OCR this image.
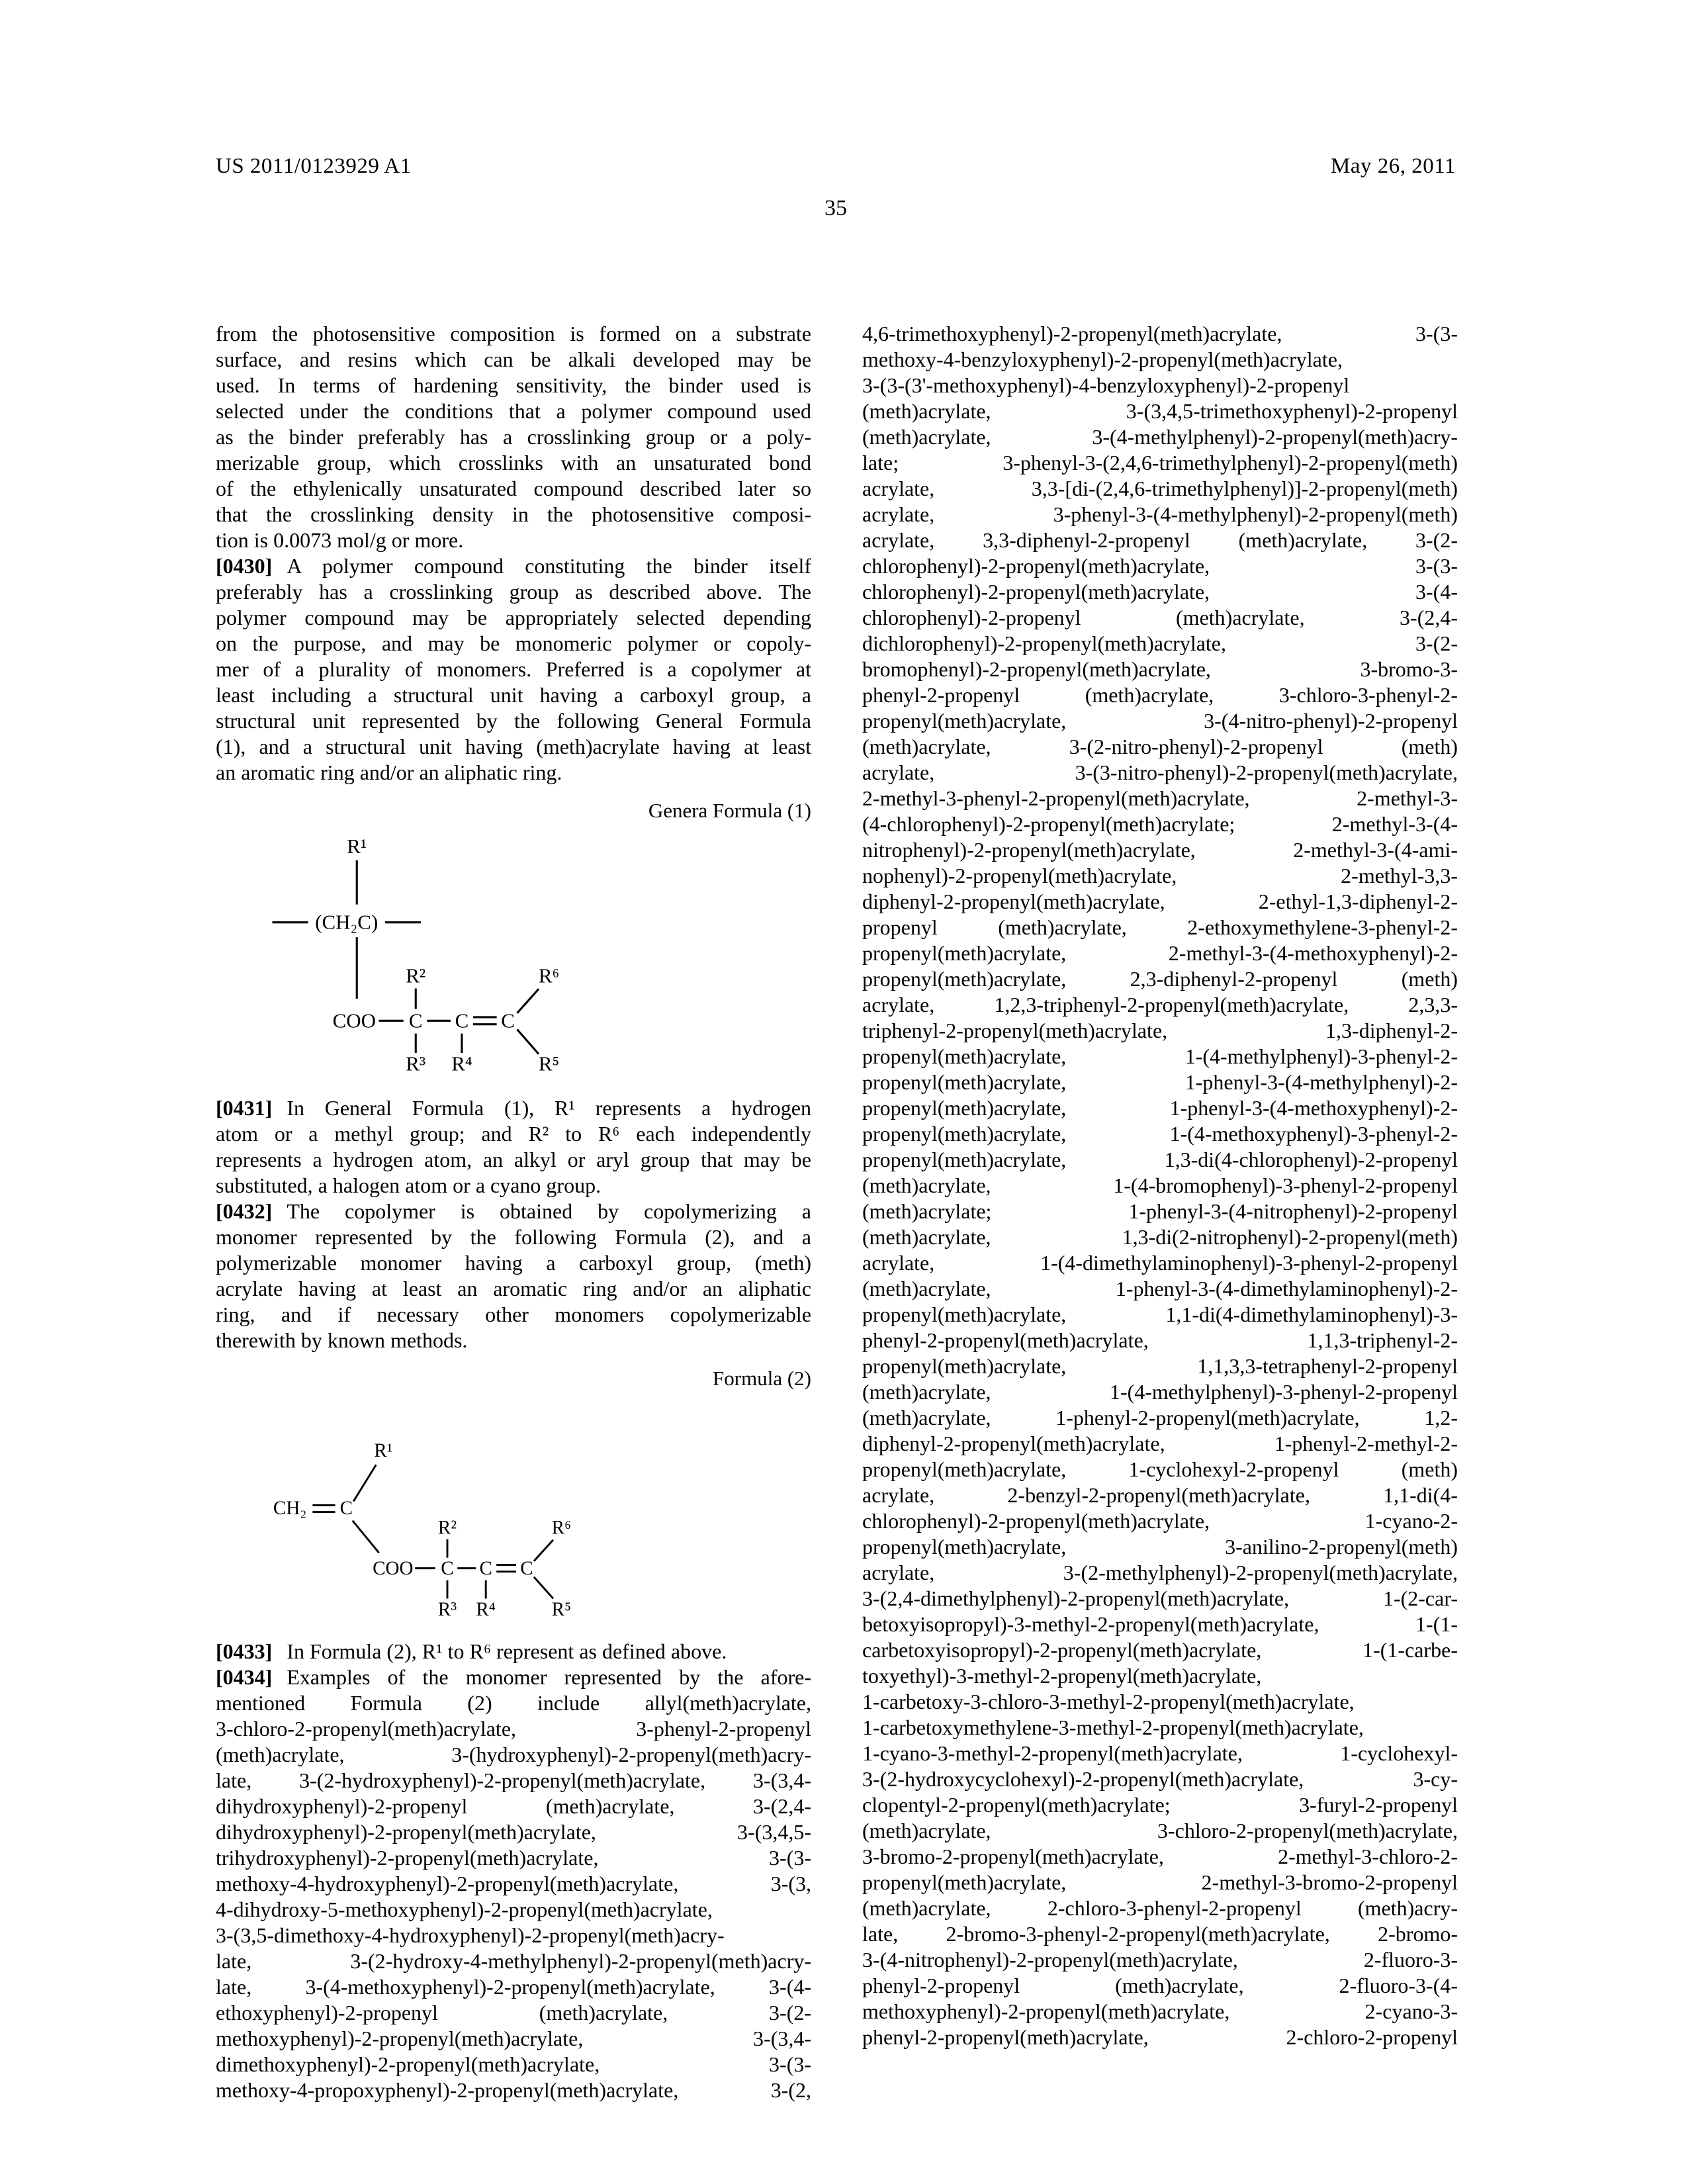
US 2011/0123929 A1	May 26, 2011
35
from the photosensitive composition is formed on a substrate
surface, and resins which can be alkali developed may be
used. In terms of hardening sensitivity, the binder used is
selected under the conditions that a polymer compound used
as the binder preferably has a crosslinking group or a poly-
merizable group, which crosslinks with an unsaturated bond
of the ethylenically unsaturated compound described later so
that the crosslinking density in the photosensitive composi-
tion is 0.0073 mol/g or more.
[0430] A polymer compound constituting the binder itself
preferably has a crosslinking group as described above. The
polymer compound may be appropriately selected depending
on the purpose, and may be monomeric polymer or copoly-
mer of a plurality of monomers. Preferred is a copolymer at
least including a structural unit having a carboxyl group, a
structural unit represented by the following General Formula
(1), and a structural unit having (meth)acrylate having at least
an aromatic ring and/or an aliphatic ring.
Genera Formula (1)
R¹
(CH₂C)
COO C C C
R²
R³ R⁴
R⁶
R⁵
[0431] In General Formula (1), R¹ represents a hydrogen
atom or a methyl group; and R² to R⁶ each independently
represents a hydrogen atom, an alkyl or aryl group that may be
substituted, a halogen atom or a cyano group.
[0432] The copolymer is obtained by copolymerizing a
monomer represented by the following Formula (2), and a
polymerizable monomer having a carboxyl group, (meth)
acrylate having at least an aromatic ring and/or an aliphatic
ring, and if necessary other monomers copolymerizable
therewith by known methods.
Formula (2)
CH₂ C
R¹
COO C C C
R²
R³ R⁴
R⁶
R⁵
[0433] In Formula (2), R¹ to R⁶ represent as defined above.
[0434] Examples of the monomer represented by the afore-
mentioned Formula (2) include allyl(meth)acrylate,
3-chloro-2-propenyl(meth)acrylate, 3-phenyl-2-propenyl
(meth)acrylate, 3-(hydroxyphenyl)-2-propenyl(meth)acry-
late, 3-(2-hydroxyphenyl)-2-propenyl(meth)acrylate, 3-(3,4-
dihydroxyphenyl)-2-propenyl (meth)acrylate, 3-(2,4-
dihydroxyphenyl)-2-propenyl(meth)acrylate, 3-(3,4,5-
trihydroxyphenyl)-2-propenyl(meth)acrylate, 3-(3-
methoxy-4-hydroxyphenyl)-2-propenyl(meth)acrylate, 3-(3,
4-dihydroxy-5-methoxyphenyl)-2-propenyl(meth)acrylate,
3-(3,5-dimethoxy-4-hydroxyphenyl)-2-propenyl(meth)acry-
late, 3-(2-hydroxy-4-methylphenyl)-2-propenyl(meth)acry-
late, 3-(4-methoxyphenyl)-2-propenyl(meth)acrylate, 3-(4-
ethoxyphenyl)-2-propenyl (meth)acrylate, 3-(2-
methoxyphenyl)-2-propenyl(meth)acrylate, 3-(3,4-
dimethoxyphenyl)-2-propenyl(meth)acrylate, 3-(3-
methoxy-4-propoxyphenyl)-2-propenyl(meth)acrylate, 3-(2,
4,6-trimethoxyphenyl)-2-propenyl(meth)acrylate, 3-(3-
methoxy-4-benzyloxyphenyl)-2-propenyl(meth)acrylate,
3-(3-(3'-methoxyphenyl)-4-benzyloxyphenyl)-2-propenyl
(meth)acrylate, 3-(3,4,5-trimethoxyphenyl)-2-propenyl
(meth)acrylate, 3-(4-methylphenyl)-2-propenyl(meth)acry-
late; 3-phenyl-3-(2,4,6-trimethylphenyl)-2-propenyl(meth)
acrylate, 3,3-[di-(2,4,6-trimethylphenyl)]-2-propenyl(meth)
acrylate, 3-phenyl-3-(4-methylphenyl)-2-propenyl(meth)
acrylate, 3,3-diphenyl-2-propenyl (meth)acrylate, 3-(2-
chlorophenyl)-2-propenyl(meth)acrylate, 3-(3-
chlorophenyl)-2-propenyl(meth)acrylate, 3-(4-
chlorophenyl)-2-propenyl (meth)acrylate, 3-(2,4-
dichlorophenyl)-2-propenyl(meth)acrylate, 3-(2-
bromophenyl)-2-propenyl(meth)acrylate, 3-bromo-3-
phenyl-2-propenyl (meth)acrylate, 3-chloro-3-phenyl-2-
propenyl(meth)acrylate, 3-(4-nitro-phenyl)-2-propenyl
(meth)acrylate, 3-(2-nitro-phenyl)-2-propenyl (meth)
acrylate, 3-(3-nitro-phenyl)-2-propenyl(meth)acrylate,
2-methyl-3-phenyl-2-propenyl(meth)acrylate, 2-methyl-3-
(4-chlorophenyl)-2-propenyl(meth)acrylate; 2-methyl-3-(4-
nitrophenyl)-2-propenyl(meth)acrylate, 2-methyl-3-(4-ami-
nophenyl)-2-propenyl(meth)acrylate, 2-methyl-3,3-
diphenyl-2-propenyl(meth)acrylate, 2-ethyl-1,3-diphenyl-2-
propenyl (meth)acrylate, 2-ethoxymethylene-3-phenyl-2-
propenyl(meth)acrylate, 2-methyl-3-(4-methoxyphenyl)-2-
propenyl(meth)acrylate, 2,3-diphenyl-2-propenyl (meth)
acrylate, 1,2,3-triphenyl-2-propenyl(meth)acrylate, 2,3,3-
triphenyl-2-propenyl(meth)acrylate, 1,3-diphenyl-2-
propenyl(meth)acrylate, 1-(4-methylphenyl)-3-phenyl-2-
propenyl(meth)acrylate, 1-phenyl-3-(4-methylphenyl)-2-
propenyl(meth)acrylate, 1-phenyl-3-(4-methoxyphenyl)-2-
propenyl(meth)acrylate, 1-(4-methoxyphenyl)-3-phenyl-2-
propenyl(meth)acrylate, 1,3-di(4-chlorophenyl)-2-propenyl
(meth)acrylate, 1-(4-bromophenyl)-3-phenyl-2-propenyl
(meth)acrylate; 1-phenyl-3-(4-nitrophenyl)-2-propenyl
(meth)acrylate, 1,3-di(2-nitrophenyl)-2-propenyl(meth)
acrylate, 1-(4-dimethylaminophenyl)-3-phenyl-2-propenyl
(meth)acrylate, 1-phenyl-3-(4-dimethylaminophenyl)-2-
propenyl(meth)acrylate, 1,1-di(4-dimethylaminophenyl)-3-
phenyl-2-propenyl(meth)acrylate, 1,1,3-triphenyl-2-
propenyl(meth)acrylate, 1,1,3,3-tetraphenyl-2-propenyl
(meth)acrylate, 1-(4-methylphenyl)-3-phenyl-2-propenyl
(meth)acrylate, 1-phenyl-2-propenyl(meth)acrylate, 1,2-
diphenyl-2-propenyl(meth)acrylate, 1-phenyl-2-methyl-2-
propenyl(meth)acrylate, 1-cyclohexyl-2-propenyl (meth)
acrylate, 2-benzyl-2-propenyl(meth)acrylate, 1,1-di(4-
chlorophenyl)-2-propenyl(meth)acrylate, 1-cyano-2-
propenyl(meth)acrylate, 3-anilino-2-propenyl(meth)
acrylate, 3-(2-methylphenyl)-2-propenyl(meth)acrylate,
3-(2,4-dimethylphenyl)-2-propenyl(meth)acrylate, 1-(2-car-
betoxyisopropyl)-3-methyl-2-propenyl(meth)acrylate, 1-(1-
carbetoxyisopropyl)-2-propenyl(meth)acrylate, 1-(1-carbe-
toxyethyl)-3-methyl-2-propenyl(meth)acrylate,
1-carbetoxy-3-chloro-3-methyl-2-propenyl(meth)acrylate,
1-carbetoxymethylene-3-methyl-2-propenyl(meth)acrylate,
1-cyano-3-methyl-2-propenyl(meth)acrylate, 1-cyclohexyl-
3-(2-hydroxycyclohexyl)-2-propenyl(meth)acrylate, 3-cy-
clopentyl-2-propenyl(meth)acrylate; 3-furyl-2-propenyl
(meth)acrylate, 3-chloro-2-propenyl(meth)acrylate,
3-bromo-2-propenyl(meth)acrylate, 2-methyl-3-chloro-2-
propenyl(meth)acrylate, 2-methyl-3-bromo-2-propenyl
(meth)acrylate, 2-chloro-3-phenyl-2-propenyl (meth)acry-
late, 2-bromo-3-phenyl-2-propenyl(meth)acrylate, 2-bromo-
3-(4-nitrophenyl)-2-propenyl(meth)acrylate, 2-fluoro-3-
phenyl-2-propenyl (meth)acrylate, 2-fluoro-3-(4-
methoxyphenyl)-2-propenyl(meth)acrylate, 2-cyano-3-
phenyl-2-propenyl(meth)acrylate, 2-chloro-2-propenyl
